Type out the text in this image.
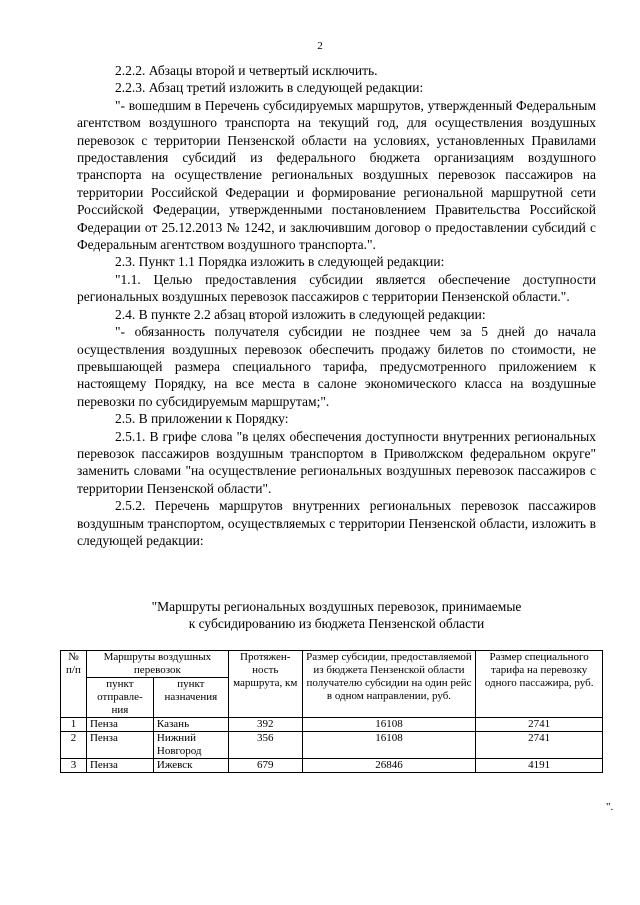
2

2.2.2. Абзацы второй и четвертый исключить.

2.2.3. Абзац третий изложить в следующей редакции:

"- вошедшим в Перечень субсидируемых маршрутов, утвержденный Федеральным агентством воздушного транспорта на текущий год, для осуществления воздушных перевозок с территории Пензенской области на условиях, установленных Правилами предоставления субсидий из федерального бюджета организациям воздушного транспорта на осуществление региональных воздушных перевозок пассажиров на территории Российской Федерации и формирование региональной маршрутной сети Российской Федерации, утвержденными постановлением Правительства Российской Федерации от 25.12.2013 № 1242, и заключившим договор о предоставлении субсидий с Федеральным агентством воздушного транспорта.".

2.3. Пункт 1.1 Порядка изложить в следующей редакции:

"1.1. Целью предоставления субсидии является обеспечение доступности региональных воздушных перевозок пассажиров с территории Пензенской области.".

2.4. В пункте 2.2 абзац второй изложить в следующей редакции:

"- обязанность получателя субсидии не позднее чем за 5 дней до начала осуществления воздушных перевозок обеспечить продажу билетов по стоимости, не превышающей размера специального тарифа, предусмотренного приложением к настоящему Порядку, на все места в салоне экономического класса на воздушные перевозки по субсидируемым маршрутам;".

2.5. В приложении к Порядку:

2.5.1. В грифе слова "в целях обеспечения доступности внутренних региональных перевозок пассажиров воздушным транспортом в Приволжском федеральном округе" заменить словами "на осуществление региональных воздушных перевозок пассажиров с территории Пензенской области".

2.5.2. Перечень маршрутов внутренних региональных перевозок пассажиров воздушным транспортом, осуществляемых с территории Пензенской области, изложить в следующей редакции:

"Маршруты региональных воздушных перевозок, принимаемые
к субсидированию из бюджета Пензенской области
№ п/п	Маршруты воздушных перевозок		Протяжен-ность маршрута, км	Размер субсидии, предоставляемой из бюджета Пензенской области получателю субсидии на один рейс в одном направлении, руб.	Размер специального тарифа на перевозку одного пассажира, руб.
	пункт отправле-ния	пункт назначения			
1	Пенза	Казань	392	16108	2741
2	Пенза	Нижний Новгород	356	16108	2741
3	Пенза	Ижевск	679	26846	4191
".
